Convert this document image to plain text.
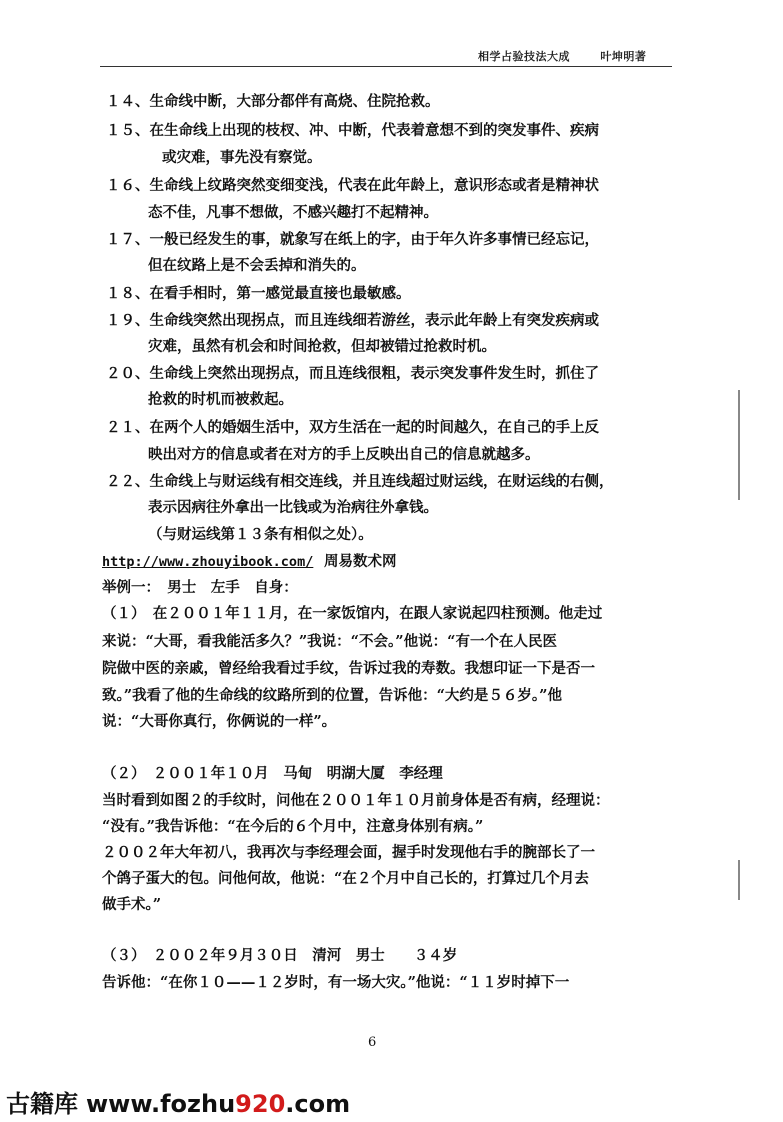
相学占验技法大成	叶坤明著
１４、生命线中断，大部分都伴有高烧、住院抢救。
１５、在生命线上出现的枝杈、冲、中断，代表着意想不到的突发事件、疾病
或灾难，事先没有察觉。
１６、生命线上纹路突然变细变浅，代表在此年龄上，意识形态或者是精神状
态不佳，凡事不想做，不感兴趣打不起精神。
１７、一般已经发生的事，就象写在纸上的字，由于年久许多事情已经忘记，
但在纹路上是不会丢掉和消失的。
１８、在看手相时，第一感觉最直接也最敏感。
１９、生命线突然出现拐点，而且连线细若游丝，表示此年龄上有突发疾病或
灾难，虽然有机会和时间抢救，但却被错过抢救时机。
２０、生命线上突然出现拐点，而且连线很粗，表示突发事件发生时，抓住了
抢救的时机而被救起。
２１、在两个人的婚姻生活中，双方生活在一起的时间越久，在自己的手上反
映出对方的信息或者在对方的手上反映出自己的信息就越多。
２２、生命线上与财运线有相交连线，并且连线超过财运线，在财运线的右侧，
表示因病往外拿出一比钱或为治病往外拿钱。
（与财运线第１３条有相似之处）。
http://www.zhouyibook.com/ 周易数术网
举例一：　男士　左手　自身：
（１）　在２００１年１１月，在一家饭馆内，在跟人家说起四柱预测。他走过
来说：“大哥，看我能活多久？”我说：“不会。”他说：“有一个在人民医
院做中医的亲戚，曾经给我看过手纹，告诉过我的寿数。我想印证一下是否一
致。”我看了他的生命线的纹路所到的位置，告诉他：“大约是５６岁。”他
说：“大哥你真行，你俩说的一样”。
（２）　２００１年１０月　马甸　明湖大厦　李经理
当时看到如图２的手纹时，问他在２００１年１０月前身体是否有病，经理说：
“没有。”我告诉他：“在今后的６个月中，注意身体别有病。”
２００２年大年初八，我再次与李经理会面，握手时发现他右手的腕部长了一
个鸽子蛋大的包。问他何故，他说：“在２个月中自己长的，打算过几个月去
做手术。”
（３）　２００２年９月３０日　清河　男士　　３４岁
告诉他：“在你１０——１２岁时，有一场大灾。”他说：“１１岁时掉下一
6
古籍库 www.fozhu920.com
